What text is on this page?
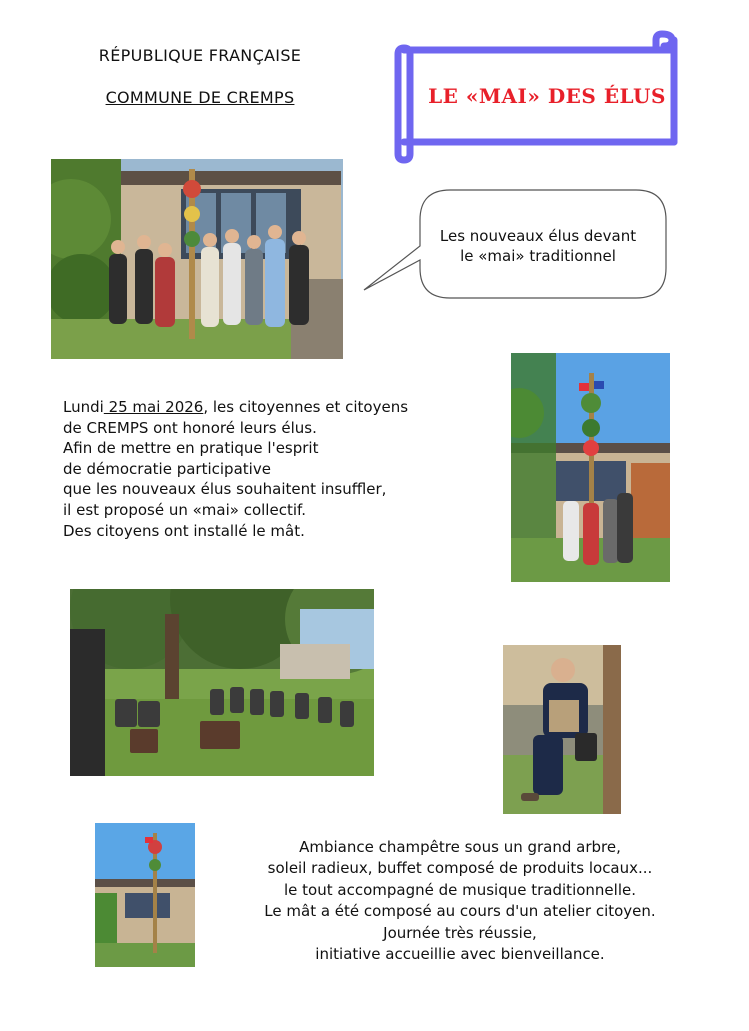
RÉPUBLIQUE FRANÇAISE
COMMUNE DE CREMPS	LE «MAI» DES ÉLUS
Les nouveaux élus devant
le «mai» traditionnel
Lundi 25 mai 2026, les citoyennes et citoyens
de CREMPS ont honoré leurs élus.
Afin de mettre en pratique l'esprit
de démocratie participative
que les nouveaux élus souhaitent insuffler,
il est proposé un «mai» collectif.
Des citoyens ont installé le mât.
Ambiance champêtre sous un grand arbre,
soleil radieux, buffet composé de produits locaux...
le tout accompagné de musique traditionnelle.
Le mât a été composé au cours d'un atelier citoyen.
Journée très réussie,
initiative accueillie avec bienveillance.
